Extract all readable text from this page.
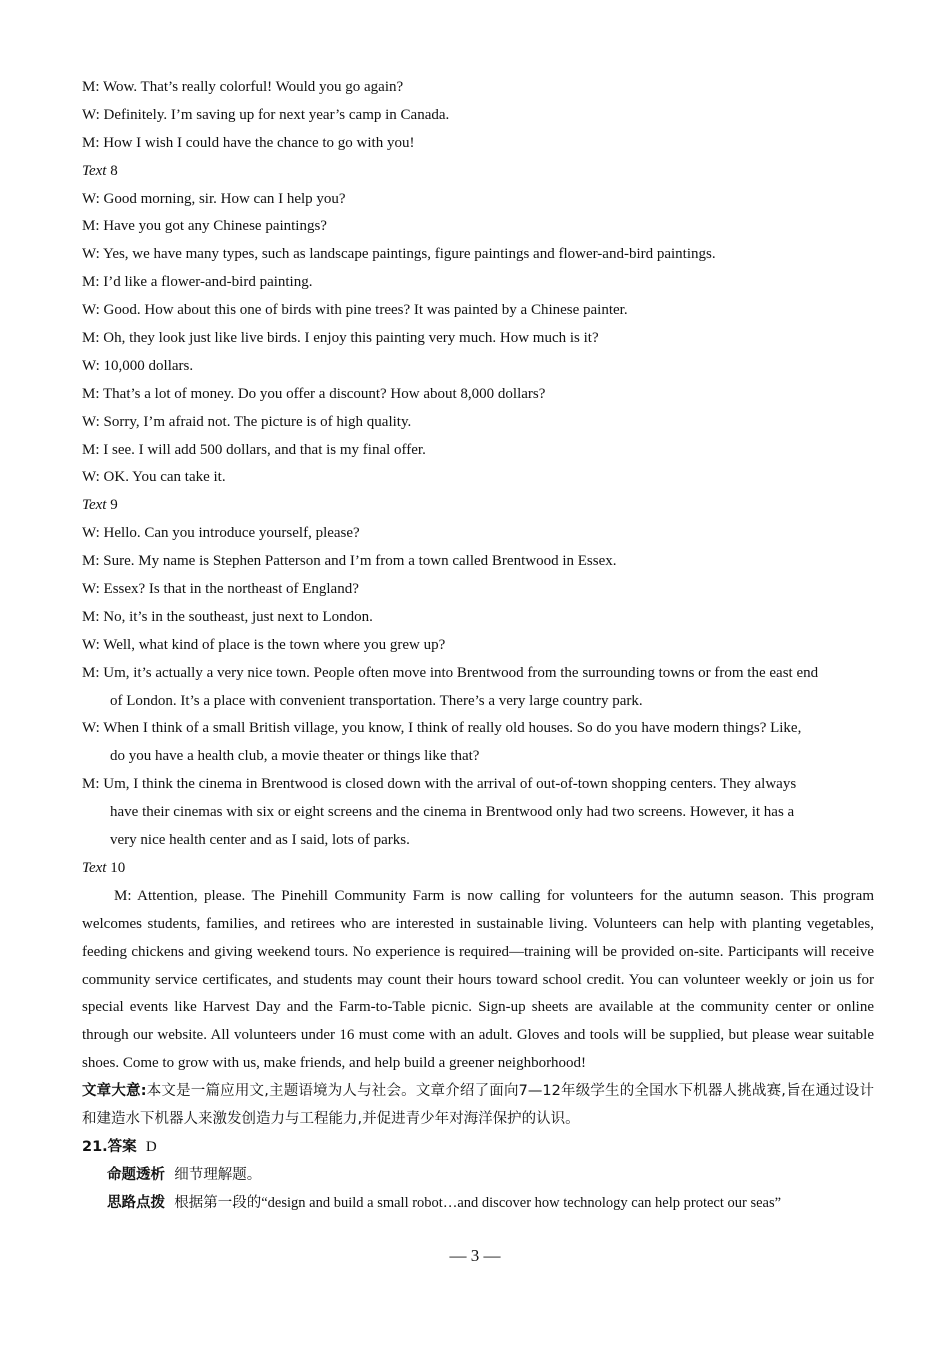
M: Wow. That’s really colorful! Would you go again?
W: Definitely. I’m saving up for next year’s camp in Canada.
M: How I wish I could have the chance to go with you!
Text 8
W: Good morning, sir. How can I help you?
M: Have you got any Chinese paintings?
W: Yes, we have many types, such as landscape paintings, figure paintings and flower-and-bird paintings.
M: I’d like a flower-and-bird painting.
W: Good. How about this one of birds with pine trees? It was painted by a Chinese painter.
M: Oh, they look just like live birds. I enjoy this painting very much. How much is it?
W: 10,000 dollars.
M: That’s a lot of money. Do you offer a discount? How about 8,000 dollars?
W: Sorry, I’m afraid not. The picture is of high quality.
M: I see. I will add 500 dollars, and that is my final offer.
W: OK. You can take it.
Text 9
W: Hello. Can you introduce yourself, please?
M: Sure. My name is Stephen Patterson and I’m from a town called Brentwood in Essex.
W: Essex? Is that in the northeast of England?
M: No, it’s in the southeast, just next to London.
W: Well, what kind of place is the town where you grew up?
M: Um, it’s actually a very nice town. People often move into Brentwood from the surrounding towns or from the east end
of London. It’s a place with convenient transportation. There’s a very large country park.
W: When I think of a small British village, you know, I think of really old houses. So do you have modern things? Like,
do you have a health club, a movie theater or things like that?
M: Um, I think the cinema in Brentwood is closed down with the arrival of out-of-town shopping centers. They always
have their cinemas with six or eight screens and the cinema in Brentwood only had two screens. However, it has a
very nice health center and as I said, lots of parks.
Text 10

M: Attention, please. The Pinehill Community Farm is now calling for volunteers for the autumn season. This program welcomes students, families, and retirees who are interested in sustainable living. Volunteers can help with planting vegetables, feeding chickens and giving weekend tours. No experience is required—training will be provided on-site. Participants will receive community service certificates, and students may count their hours toward school credit. You can volunteer weekly or join us for special events like Harvest Day and the Farm-to-Table picnic. Sign-up sheets are available at the community center or online through our website. All volunteers under 16 must come with an adult. Gloves and tools will be supplied, but please wear suitable shoes. Come to grow with us, make friends, and help build a greener neighborhood!

文章大意:本文是一篇应用文,主题语境为人与社会。文章介绍了面向7—12年级学生的全国水下机器人挑战赛,旨在通过设计和建造水下机器人来激发创造力与工程能力,并促进青少年对海洋保护的认识。
21.答案 D
命题透析 细节理解题。
思路点拨 根据第一段的“design and build a small robot…and discover how technology can help protect our seas”
— 3 —
